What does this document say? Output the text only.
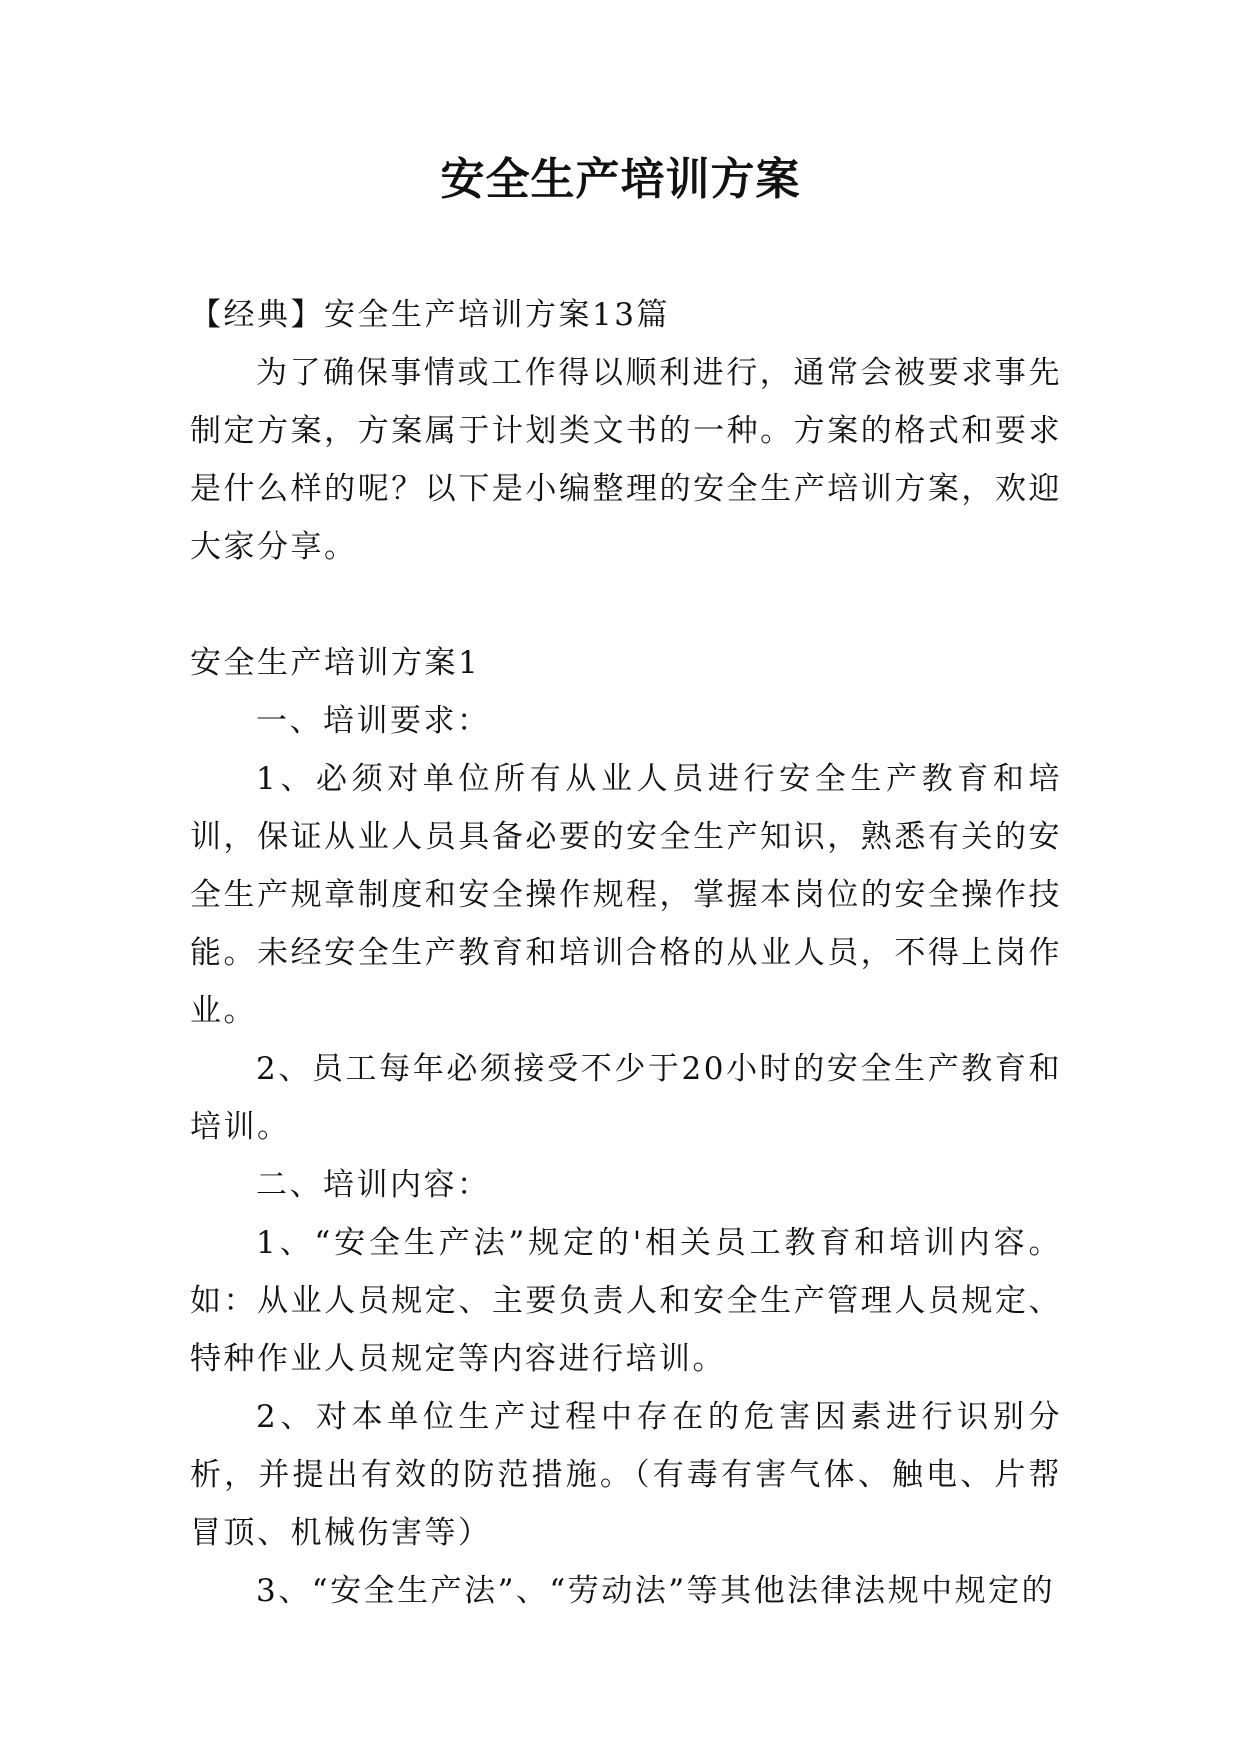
安全生产培训方案

【经典】安全生产培训方案13篇

为了确保事情或工作得以顺利进行，通常会被要求事先制定方案，方案属于计划类文书的一种。方案的格式和要求是什么样的呢？以下是小编整理的安全生产培训方案，欢迎大家分享。

安全生产培训方案1

一、培训要求：

1、必须对单位所有从业人员进行安全生产教育和培训，保证从业人员具备必要的安全生产知识，熟悉有关的安全生产规章制度和安全操作规程，掌握本岗位的安全操作技能。未经安全生产教育和培训合格的从业人员，不得上岗作业。

2、员工每年必须接受不少于20小时的安全生产教育和培训。

二、培训内容：

1、“安全生产法”规定的'相关员工教育和培训内容。如：从业人员规定、主要负责人和安全生产管理人员规定、特种作业人员规定等内容进行培训。

2、对本单位生产过程中存在的危害因素进行识别分析，并提出有效的防范措施。（有毒有害气体、触电、片帮冒顶、机械伤害等）

3、“安全生产法”、“劳动法”等其他法律法规中规定的
